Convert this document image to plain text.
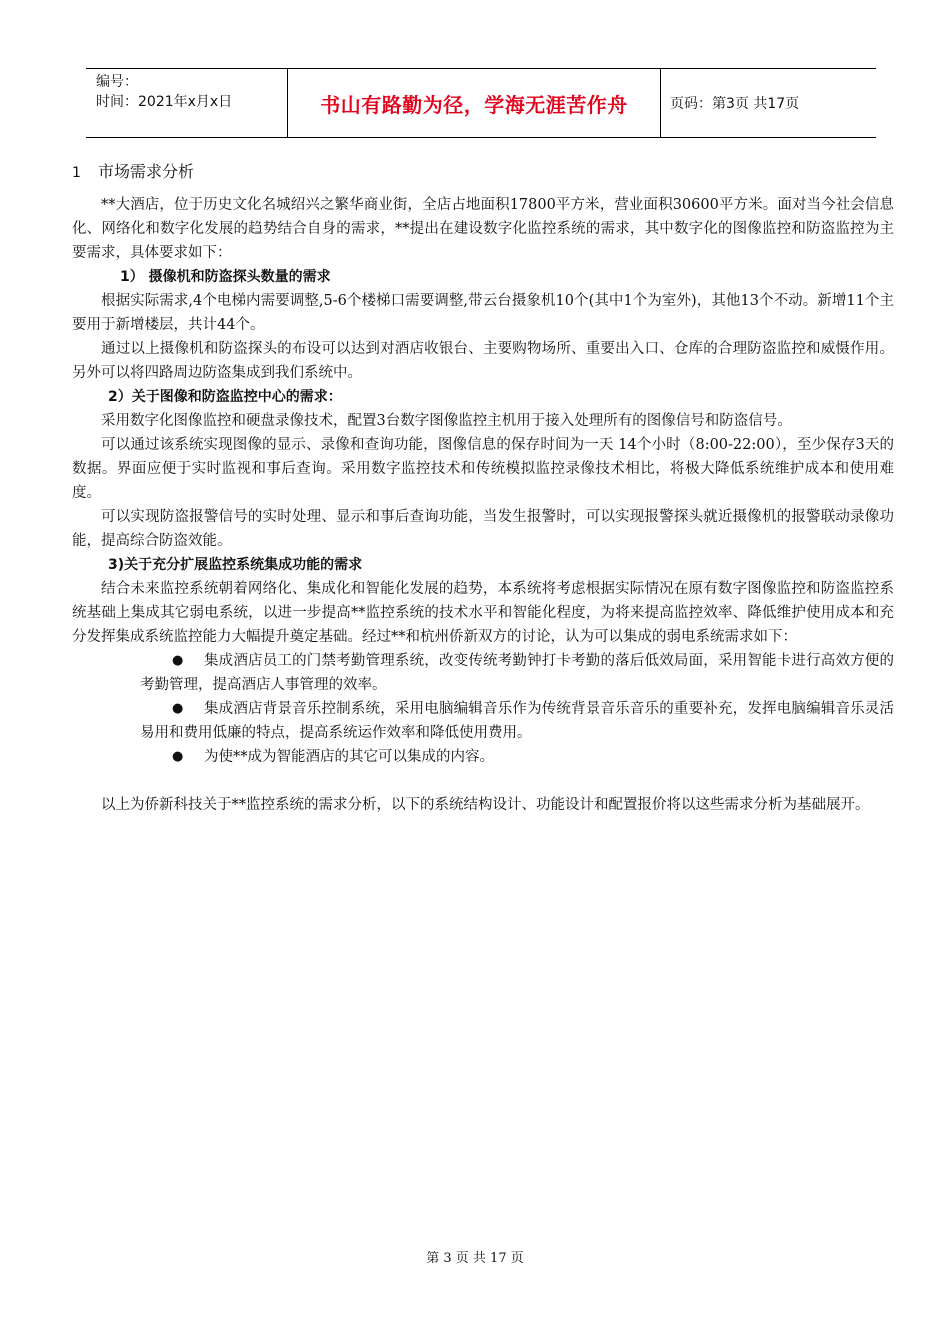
编号：
时间：2021年x月x日	书山有路勤为径，学海无涯苦作舟	页码：第3页 共17页

1 市场需求分析

**大酒店，位于历史文化名城绍兴之繁华商业街，全店占地面积17800平方米，营业面积30600平方米。面对当今社会信息化、网络化和数字化发展的趋势结合自身的需求，**提出在建设数字化监控系统的需求，其中数字化的图像监控和防盗监控为主要需求，具体要求如下：

1） 摄像机和防盗探头数量的需求

根据实际需求,4个电梯内需要调整,5-6个楼梯口需要调整,带云台摄象机10个(其中1个为室外)，其他13个不动。新增11个主要用于新增楼层，共计44个。

通过以上摄像机和防盗探头的布设可以达到对酒店收银台、主要购物场所、重要出入口、仓库的合理防盗监控和威慑作用。另外可以将四路周边防盗集成到我们系统中。

2）关于图像和防盗监控中心的需求：

采用数字化图像监控和硬盘录像技术，配置3台数字图像监控主机用于接入处理所有的图像信号和防盗信号。

可以通过该系统实现图像的显示、录像和查询功能，图像信息的保存时间为一天 14个小时（8:00-22:00），至少保存3天的数据。界面应便于实时监视和事后查询。采用数字监控技术和传统模拟监控录像技术相比，将极大降低系统维护成本和使用难度。

可以实现防盗报警信号的实时处理、显示和事后查询功能，当发生报警时，可以实现报警探头就近摄像机的报警联动录像功能，提高综合防盗效能。

3)关于充分扩展监控系统集成功能的需求

结合未来监控系统朝着网络化、集成化和智能化发展的趋势，本系统将考虑根据实际情况在原有数字图像监控和防盗监控系统基础上集成其它弱电系统，以进一步提高**监控系统的技术水平和智能化程度，为将来提高监控效率、降低维护使用成本和充分发挥集成系统监控能力大幅提升奠定基础。经过**和杭州侨新双方的讨论，认为可以集成的弱电系统需求如下：

● 集成酒店员工的门禁考勤管理系统，改变传统考勤钟打卡考勤的落后低效局面，采用智能卡进行高效方便的考勤管理，提高酒店人事管理的效率。
● 集成酒店背景音乐控制系统，采用电脑编辑音乐作为传统背景音乐音乐的重要补充，发挥电脑编辑音乐灵活易用和费用低廉的特点，提高系统运作效率和降低使用费用。
● 为使**成为智能酒店的其它可以集成的内容。

以上为侨新科技关于**监控系统的需求分析，以下的系统结构设计、功能设计和配置报价将以这些需求分析为基础展开。

第 3 页 共 17 页
